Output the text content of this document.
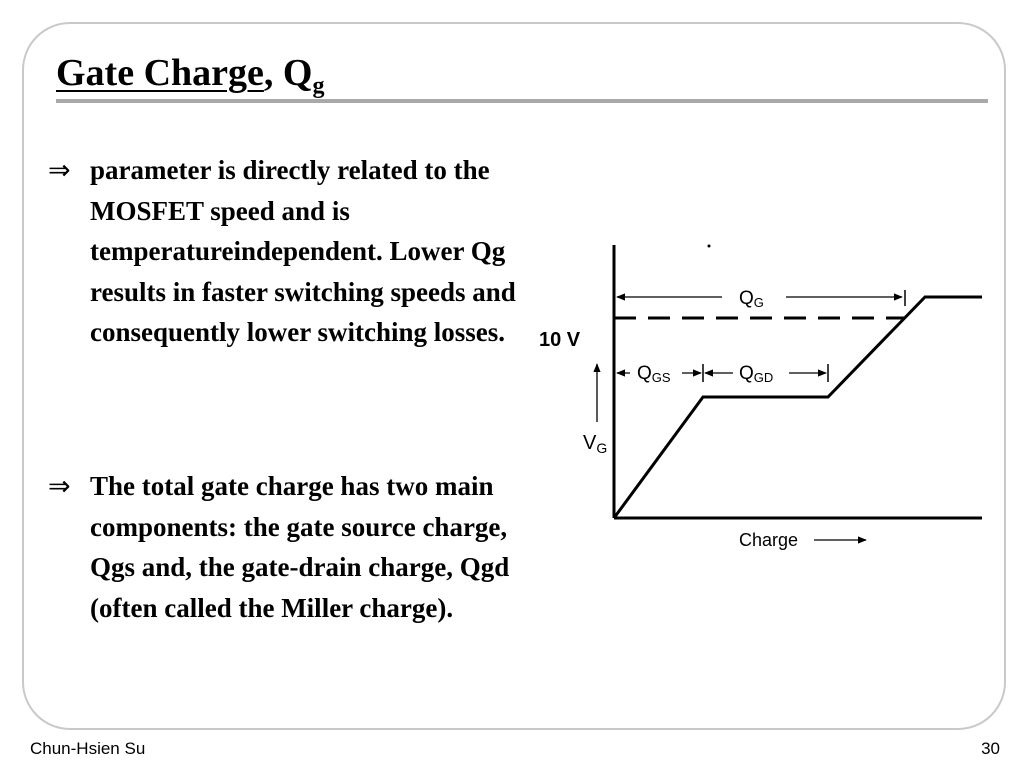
Gate Charge, $Q_g$
⇒ parameter is directly related to the MOSFET speed and is temperatureindependent. Lower Qg results in faster switching speeds and consequently lower switching losses.
⇒ The total gate charge has two main components: the gate source charge, Qgs and, the gate-drain charge, Qgd (often called the Miller charge).
QG
QGS	QGD
$V_G$
10 V
Charge
Chun-Hsien Su	30
